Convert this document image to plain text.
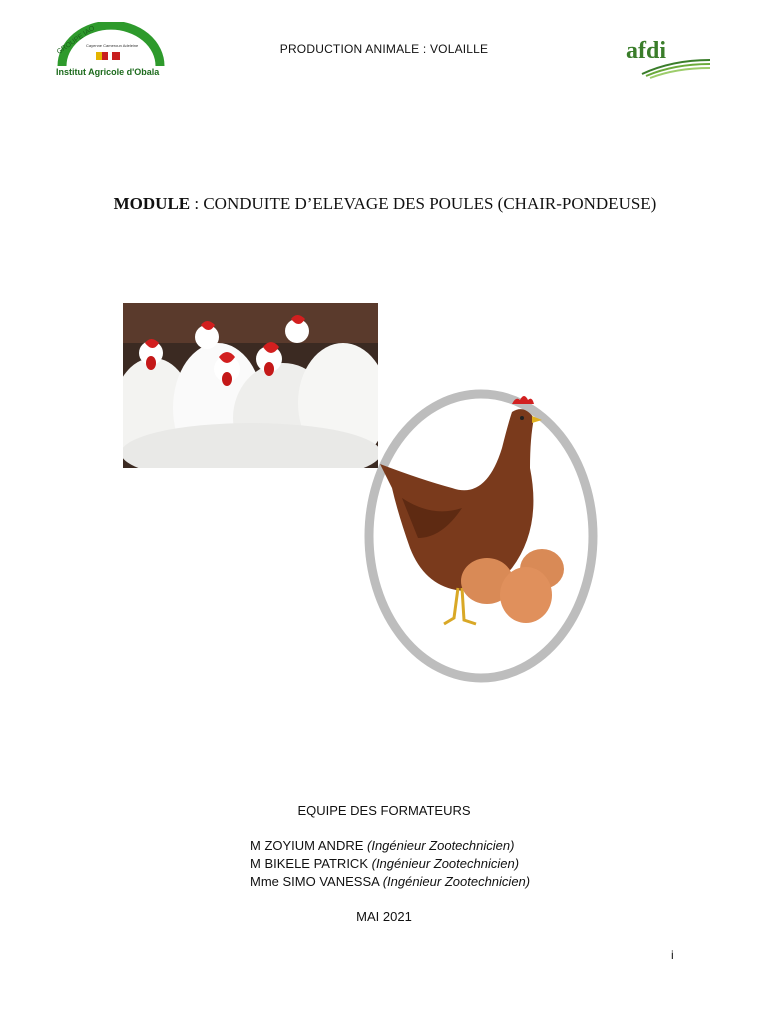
GROUPE IAO
Cayenne Cameroun Adeleine
Institut Agricole d'Obala
PRODUCTION ANIMALE : VOLAILLE	afdi
MODULE : CONDUITE D’ELEVAGE DES POULES (CHAIR-PONDEUSE)
EQUIPE DES FORMATEURS
M ZOYIUM ANDRE (Ingénieur Zootechnicien)
M BIKELE PATRICK (Ingénieur Zootechnicien)
Mme SIMO VANESSA (Ingénieur Zootechnicien)
MAI 2021
i
